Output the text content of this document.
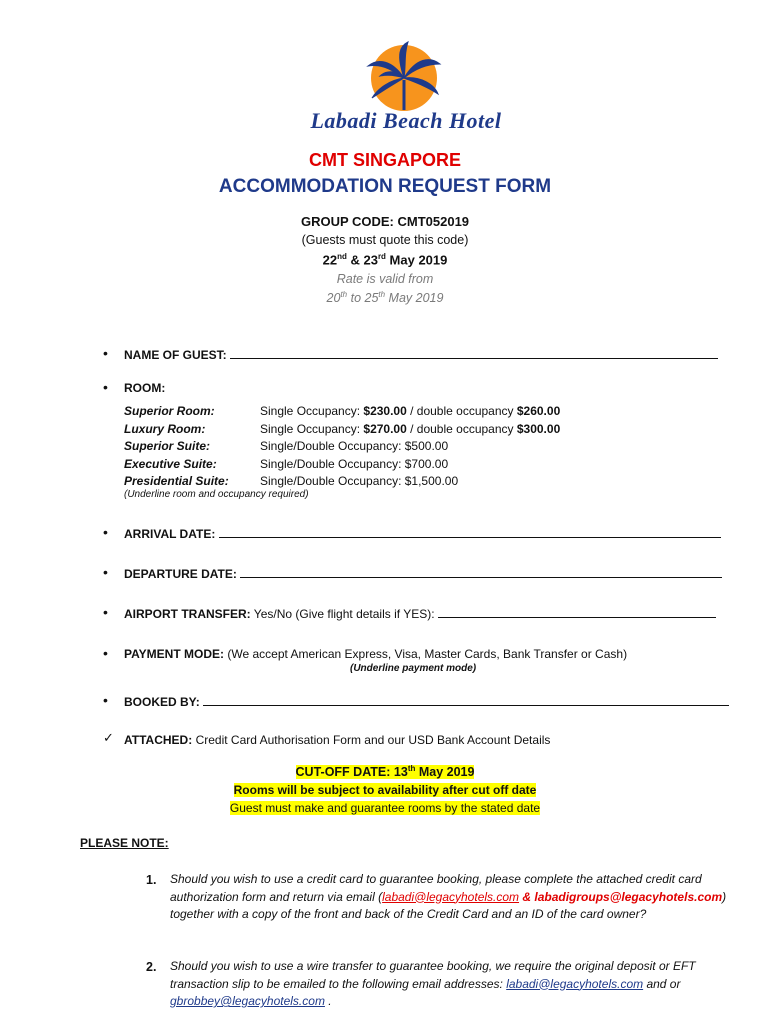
Labadi Beach Hotel
CMT SINGAPORE
ACCOMMODATION REQUEST FORM
GROUP CODE: CMT052019
(Guests must quote this code)
22nd & 23rd May 2019
Rate is valid from
20th to 25th May 2019
• NAME OF GUEST:
• ROOM:
Superior Room:	Single Occupancy: $230.00 / double occupancy $260.00
Luxury Room:	Single Occupancy: $270.00 / double occupancy $300.00
Superior Suite:	Single/Double Occupancy: $500.00
Executive Suite:	Single/Double Occupancy: $700.00
Presidential Suite:	Single/Double Occupancy: $1,500.00
(Underline room and occupancy required)
• ARRIVAL DATE:
• DEPARTURE DATE:
• AIRPORT TRANSFER: Yes/No (Give flight details if YES):
• PAYMENT MODE: (We accept American Express, Visa, Master Cards, Bank Transfer or Cash)
(Underline payment mode)
• BOOKED BY:
✓ ATTACHED: Credit Card Authorisation Form and our USD Bank Account Details
CUT-OFF DATE: 13th May 2019
Rooms will be subject to availability after cut off date
Guest must make and guarantee rooms by the stated date
PLEASE NOTE:
1. Should you wish to use a credit card to guarantee booking, please complete the attached credit card authorization form and return via email (labadi@legacyhotels.com & labadigroups@legacyhotels.com) together with a copy of the front and back of the Credit Card and an ID of the card owner?
2. Should you wish to use a wire transfer to guarantee booking, we require the original deposit or EFT transaction slip to be emailed to the following email addresses: labadi@legacyhotels.com and or gbrobbey@legacyhotels.com .
